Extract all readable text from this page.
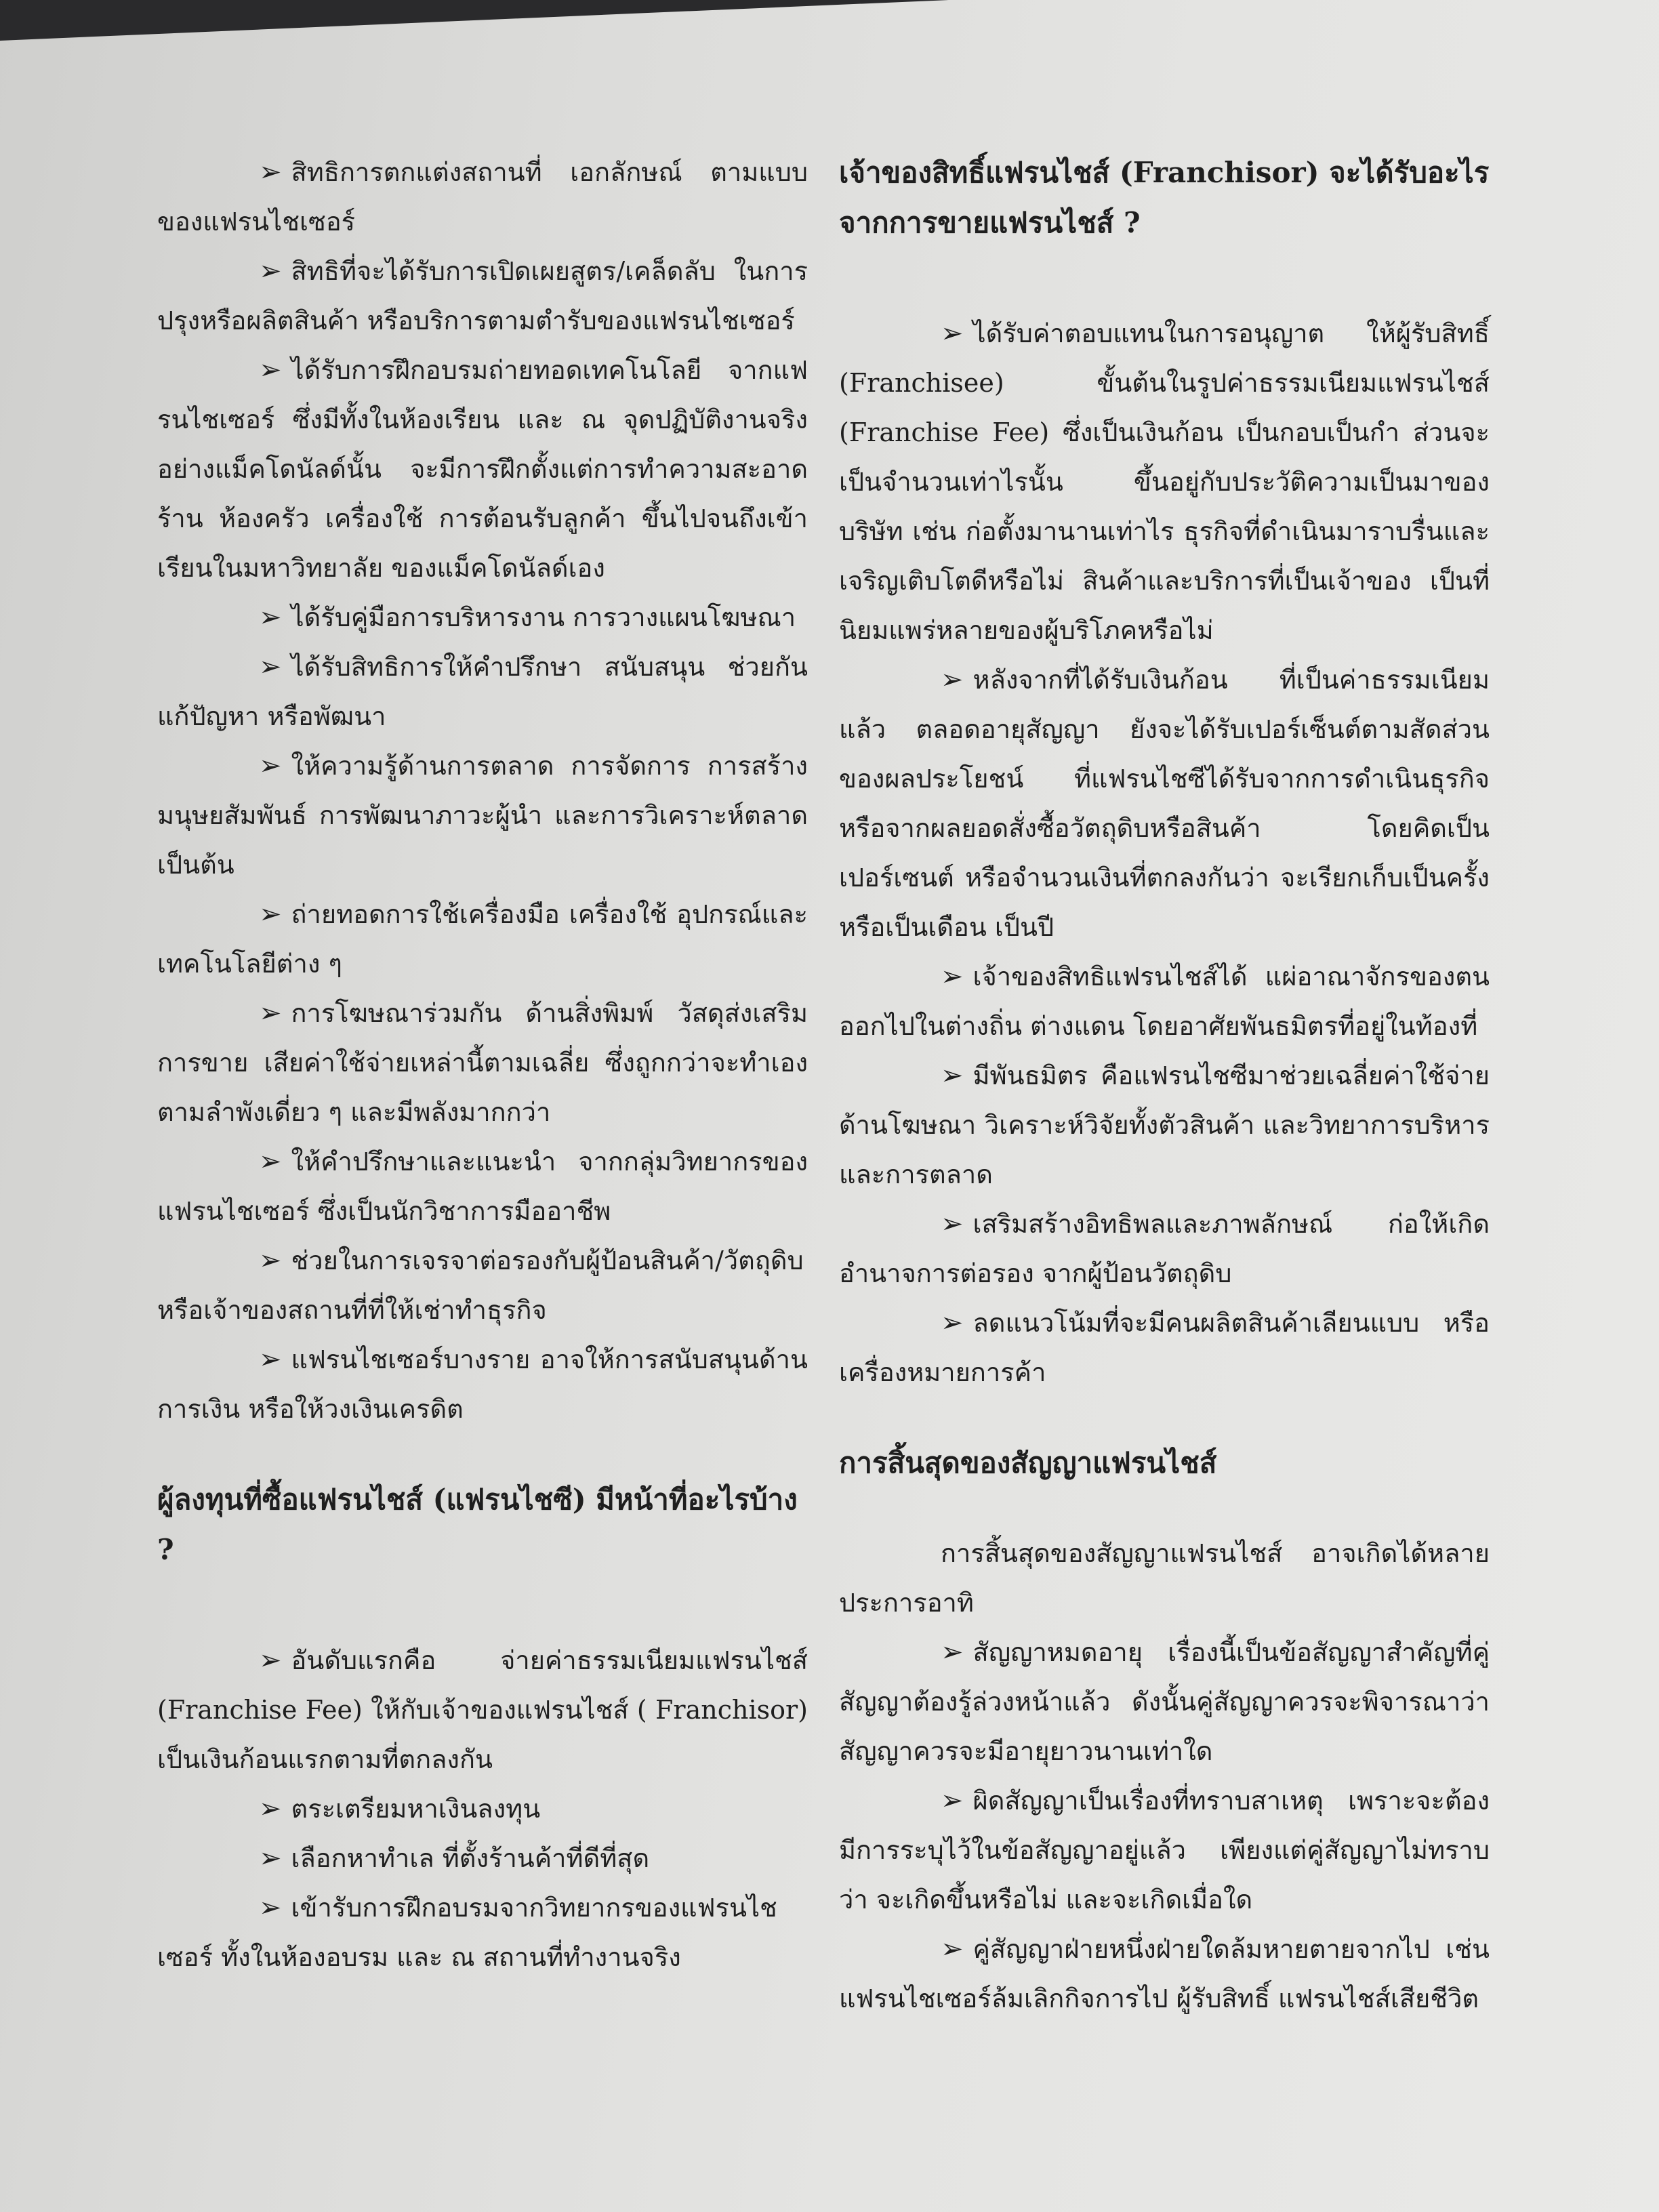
➢ สิทธิการตกแต่งสถานที่ เอกลักษณ์ ตามแบบของแฟรนไชเซอร์

➢ สิทธิที่จะได้รับการเปิดเผยสูตร/เคล็ดลับ ในการปรุงหรือผลิตสินค้า หรือบริการตามตำรับของแฟรนไชเซอร์

➢ ได้รับการฝึกอบรมถ่ายทอดเทคโนโลยี จากแฟรนไชเซอร์ ซึ่งมีทั้งในห้องเรียน และ ณ จุดปฏิบัติงานจริง อย่างแม็คโดนัลด์นั้น จะมีการฝึกตั้งแต่การทำความสะอาดร้าน ห้องครัว เครื่องใช้ การต้อนรับลูกค้า ขึ้นไปจนถึงเข้าเรียนในมหาวิทยาลัย ของแม็คโดนัลด์เอง

➢ ได้รับคู่มือการบริหารงาน การวางแผนโฆษณา

➢ ได้รับสิทธิการให้คำปรึกษา สนับสนุน ช่วยกันแก้ปัญหา หรือพัฒนา

➢ ให้ความรู้ด้านการตลาด การจัดการ การสร้างมนุษยสัมพันธ์ การพัฒนาภาวะผู้นำ และการวิเคราะห์ตลาด เป็นต้น

➢ ถ่ายทอดการใช้เครื่องมือ เครื่องใช้ อุปกรณ์และเทคโนโลยีต่าง ๆ

➢ การโฆษณาร่วมกัน ด้านสิ่งพิมพ์ วัสดุส่งเสริมการขาย เสียค่าใช้จ่ายเหล่านี้ตามเฉลี่ย ซึ่งถูกกว่าจะทำเองตามลำพังเดี่ยว ๆ และมีพลังมากกว่า

➢ ให้คำปรึกษาและแนะนำ จากกลุ่มวิทยากรของแฟรนไชเซอร์ ซึ่งเป็นนักวิชาการมืออาชีพ

➢ ช่วยในการเจรจาต่อรองกับผู้ป้อนสินค้า/วัตถุดิบ หรือเจ้าของสถานที่ที่ให้เช่าทำธุรกิจ

➢ แฟรนไชเซอร์บางราย อาจให้การสนับสนุนด้านการเงิน หรือให้วงเงินเครดิต

ผู้ลงทุนที่ซื้อแฟรนไชส์ (แฟรนไชซี) มีหน้าที่อะไรบ้าง ?

➢ อันดับแรกคือ จ่ายค่าธรรมเนียมแฟรนไชส์ (Franchise Fee) ให้กับเจ้าของแฟรนไชส์ ( Franchisor) เป็นเงินก้อนแรกตามที่ตกลงกัน

➢ ตระเตรียมหาเงินลงทุน

➢ เลือกหาทำเล ที่ตั้งร้านค้าที่ดีที่สุด

➢ เข้ารับการฝึกอบรมจากวิทยากรของแฟรนไชเซอร์ ทั้งในห้องอบรม และ ณ สถานที่ทำงานจริง

เจ้าของสิทธิ์แฟรนไชส์ (Franchisor) จะได้รับอะไรจากการขายแฟรนไชส์ ?

➢ ได้รับค่าตอบแทนในการอนุญาต ให้ผู้รับสิทธิ์ (Franchisee) ขั้นต้นในรูปค่าธรรมเนียมแฟรนไชส์ (Franchise Fee) ซึ่งเป็นเงินก้อน เป็นกอบเป็นกำ ส่วนจะเป็นจำนวนเท่าไรนั้น ขึ้นอยู่กับประวัติความเป็นมาของบริษัท เช่น ก่อตั้งมานานเท่าไร ธุรกิจที่ดำเนินมาราบรื่นและเจริญเติบโตดีหรือไม่ สินค้าและบริการที่เป็นเจ้าของ เป็นที่นิยมแพร่หลายของผู้บริโภคหรือไม่

➢ หลังจากที่ได้รับเงินก้อน ที่เป็นค่าธรรมเนียมแล้ว ตลอดอายุสัญญา ยังจะได้รับเปอร์เซ็นต์ตามสัดส่วนของผลประโยชน์ ที่แฟรนไชซีได้รับจากการดำเนินธุรกิจ หรือจากผลยอดสั่งซื้อวัตถุดิบหรือสินค้า โดยคิดเป็นเปอร์เซนต์ หรือจำนวนเงินที่ตกลงกันว่า จะเรียกเก็บเป็นครั้ง หรือเป็นเดือน เป็นปี

➢ เจ้าของสิทธิแฟรนไชส์ได้ แผ่อาณาจักรของตนออกไปในต่างถิ่น ต่างแดน โดยอาศัยพันธมิตรที่อยู่ในท้องที่

➢ มีพันธมิตร คือแฟรนไชซีมาช่วยเฉลี่ยค่าใช้จ่ายด้านโฆษณา วิเคราะห์วิจัยทั้งตัวสินค้า และวิทยาการบริหารและการตลาด

➢ เสริมสร้างอิทธิพลและภาพลักษณ์ ก่อให้เกิดอำนาจการต่อรอง จากผู้ป้อนวัตถุดิบ

➢ ลดแนวโน้มที่จะมีคนผลิตสินค้าเลียนแบบ หรือเครื่องหมายการค้า

การสิ้นสุดของสัญญาแฟรนไชส์

การสิ้นสุดของสัญญาแฟรนไชส์ อาจเกิดได้หลายประการอาทิ

➢ สัญญาหมดอายุ เรื่องนี้เป็นข้อสัญญาสำคัญที่คู่สัญญาต้องรู้ล่วงหน้าแล้ว ดังนั้นคู่สัญญาควรจะพิจารณาว่า สัญญาควรจะมีอายุยาวนานเท่าใด

➢ ผิดสัญญาเป็นเรื่องที่ทราบสาเหตุ เพราะจะต้องมีการระบุไว้ในข้อสัญญาอยู่แล้ว เพียงแต่คู่สัญญาไม่ทราบว่า จะเกิดขึ้นหรือไม่ และจะเกิดเมื่อใด

➢ คู่สัญญาฝ่ายหนึ่งฝ่ายใดล้มหายตายจากไป เช่น แฟรนไชเซอร์ล้มเลิกกิจการไป ผู้รับสิทธิ์ แฟรนไชส์เสียชีวิต
